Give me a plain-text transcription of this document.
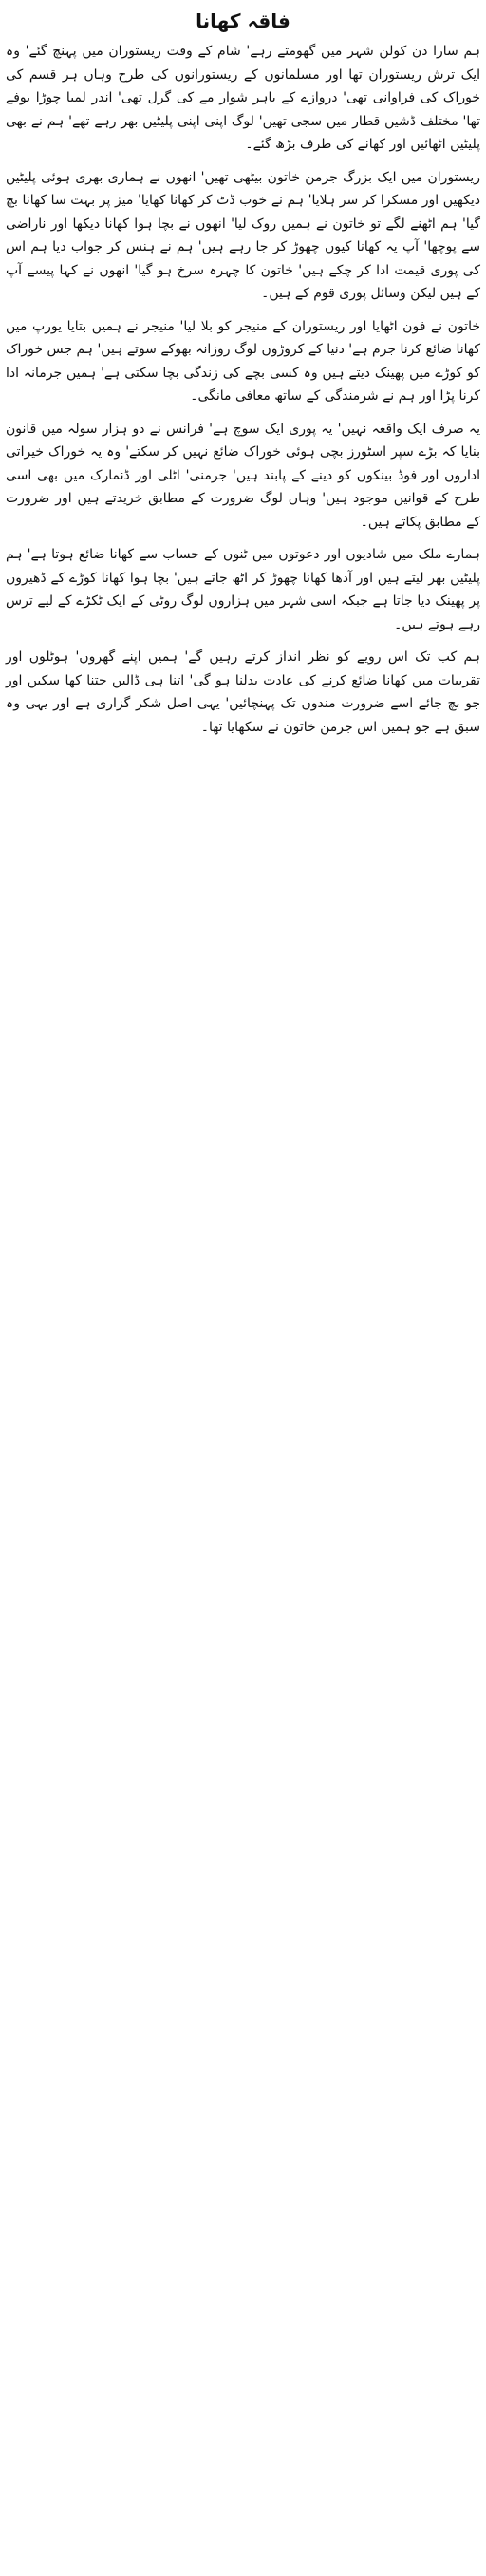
فاقہ کھانا

ہم سارا دن کولن شہر میں گھومتے رہے' شام کے وقت ریستوران میں پہنچ گئے' وہ ایک ترش ریستوران تھا اور مسلمانوں کے ریستورانوں کی طرح وہاں ہر قسم کی خوراک کی فراوانی تھی' دروازے کے باہر شوار مے کی گرل تھی' اندر لمبا چوڑا بوفے تھا' مختلف ڈشیں قطار میں سجی تھیں' لوگ اپنی اپنی پلیٹیں بھر رہے تھے' ہم نے بھی پلیٹیں اٹھائیں اور کھانے کی طرف بڑھ گئے۔

ریستوران میں ایک بزرگ جرمن خاتون بیٹھی تھیں' انھوں نے ہماری بھری ہوئی پلیٹیں دیکھیں اور مسکرا کر سر ہلایا' ہم نے خوب ڈٹ کر کھانا کھایا' میز پر بہت سا کھانا بچ گیا' ہم اٹھنے لگے تو خاتون نے ہمیں روک لیا' انھوں نے بچا ہوا کھانا دیکھا اور ناراضی سے پوچھا' آپ یہ کھانا کیوں چھوڑ کر جا رہے ہیں' ہم نے ہنس کر جواب دیا ہم اس کی پوری قیمت ادا کر چکے ہیں' خاتون کا چہرہ سرخ ہو گیا' انھوں نے کہا پیسے آپ کے ہیں لیکن وسائل پوری قوم کے ہیں۔

خاتون نے فون اٹھایا اور ریستوران کے منیجر کو بلا لیا' منیجر نے ہمیں بتایا یورپ میں کھانا ضائع کرنا جرم ہے' دنیا کے کروڑوں لوگ روزانہ بھوکے سوتے ہیں' ہم جس خوراک کو کوڑے میں پھینک دیتے ہیں وہ کسی بچے کی زندگی بچا سکتی ہے' ہمیں جرمانہ ادا کرنا پڑا اور ہم نے شرمندگی کے ساتھ معافی مانگی۔

یہ صرف ایک واقعہ نہیں' یہ پوری ایک سوچ ہے' فرانس نے دو ہزار سولہ میں قانون بنایا کہ بڑے سپر اسٹورز بچی ہوئی خوراک ضائع نہیں کر سکتے' وہ یہ خوراک خیراتی اداروں اور فوڈ بینکوں کو دینے کے پابند ہیں' جرمنی' اٹلی اور ڈنمارک میں بھی اسی طرح کے قوانین موجود ہیں' وہاں لوگ ضرورت کے مطابق خریدتے ہیں اور ضرورت کے مطابق پکاتے ہیں۔

ہمارے ملک میں شادیوں اور دعوتوں میں ٹنوں کے حساب سے کھانا ضائع ہوتا ہے' ہم پلیٹیں بھر لیتے ہیں اور آدھا کھانا چھوڑ کر اٹھ جاتے ہیں' بچا ہوا کھانا کوڑے کے ڈھیروں پر پھینک دیا جاتا ہے جبکہ اسی شہر میں ہزاروں لوگ روٹی کے ایک ٹکڑے کے لیے ترس رہے ہوتے ہیں۔

ہم کب تک اس رویے کو نظر انداز کرتے رہیں گے' ہمیں اپنے گھروں' ہوٹلوں اور تقریبات میں کھانا ضائع کرنے کی عادت بدلنا ہو گی' اتنا ہی ڈالیں جتنا کھا سکیں اور جو بچ جائے اسے ضرورت مندوں تک پہنچائیں' یہی اصل شکر گزاری ہے اور یہی وہ سبق ہے جو ہمیں اس جرمن خاتون نے سکھایا تھا۔
